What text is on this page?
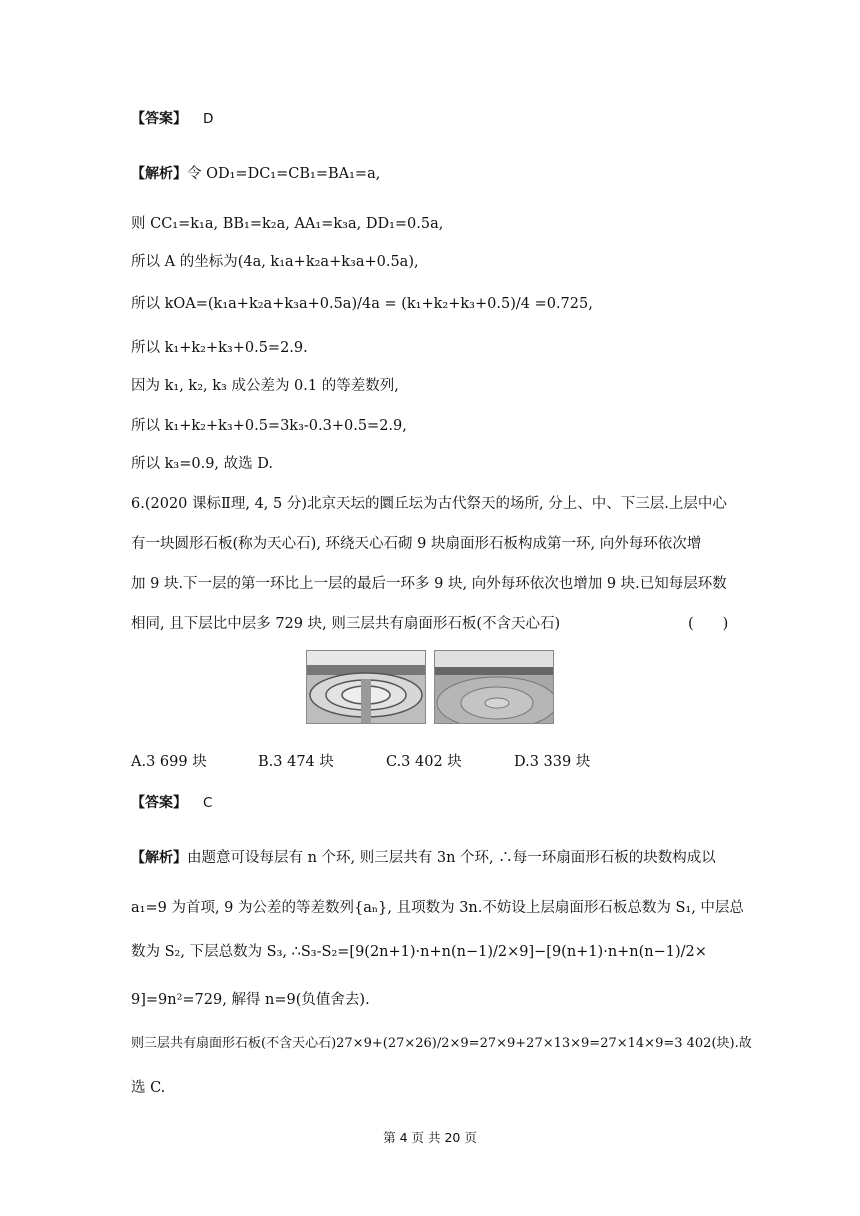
【答案】 D
【解析】令 OD₁=DC₁=CB₁=BA₁=a,
则 CC₁=k₁a, BB₁=k₂a, AA₁=k₃a, DD₁=0.5a,
所以 A 的坐标为(4a, k₁a+k₂a+k₃a+0.5a),
所以 kOA=(k₁a+k₂a+k₃a+0.5a)/4a = (k₁+k₂+k₃+0.5)/4 =0.725,
所以 k₁+k₂+k₃+0.5=2.9.
因为 k₁, k₂, k₃ 成公差为 0.1 的等差数列,
所以 k₁+k₂+k₃+0.5=3k₃-0.3+0.5=2.9,
所以 k₃=0.9, 故选 D.
6.(2020 课标Ⅱ理, 4, 5 分)北京天坛的圜丘坛为古代祭天的场所, 分上、中、下三层.上层中心
有一块圆形石板(称为天心石), 环绕天心石砌 9 块扇面形石板构成第一环, 向外每环依次增
加 9 块.下一层的第一环比上一层的最后一环多 9 块, 向外每环依次也增加 9 块.已知每层环数
相同, 且下层比中层多 729 块, 则三层共有扇面形石板(不含天心石)	(　　)
A.3 699 块	B.3 474 块	C.3 402 块	D.3 339 块
【答案】 C
【解析】由题意可设每层有 n 个环, 则三层共有 3n 个环, ∴每一环扇面形石板的块数构成以
a₁=9 为首项, 9 为公差的等差数列{aₙ}, 且项数为 3n.不妨设上层扇面形石板总数为 S₁, 中层总
数为 S₂, 下层总数为 S₃, ∴S₃-S₂=[9(2n+1)·n+n(n−1)/2×9]−[9(n+1)·n+n(n−1)/2×
9]=9n²=729, 解得 n=9(负值舍去).
则三层共有扇面形石板(不含天心石)27×9+(27×26)/2×9=27×9+27×13×9=27×14×9=3 402(块).故
选 C.
第 4 页 共 20 页
